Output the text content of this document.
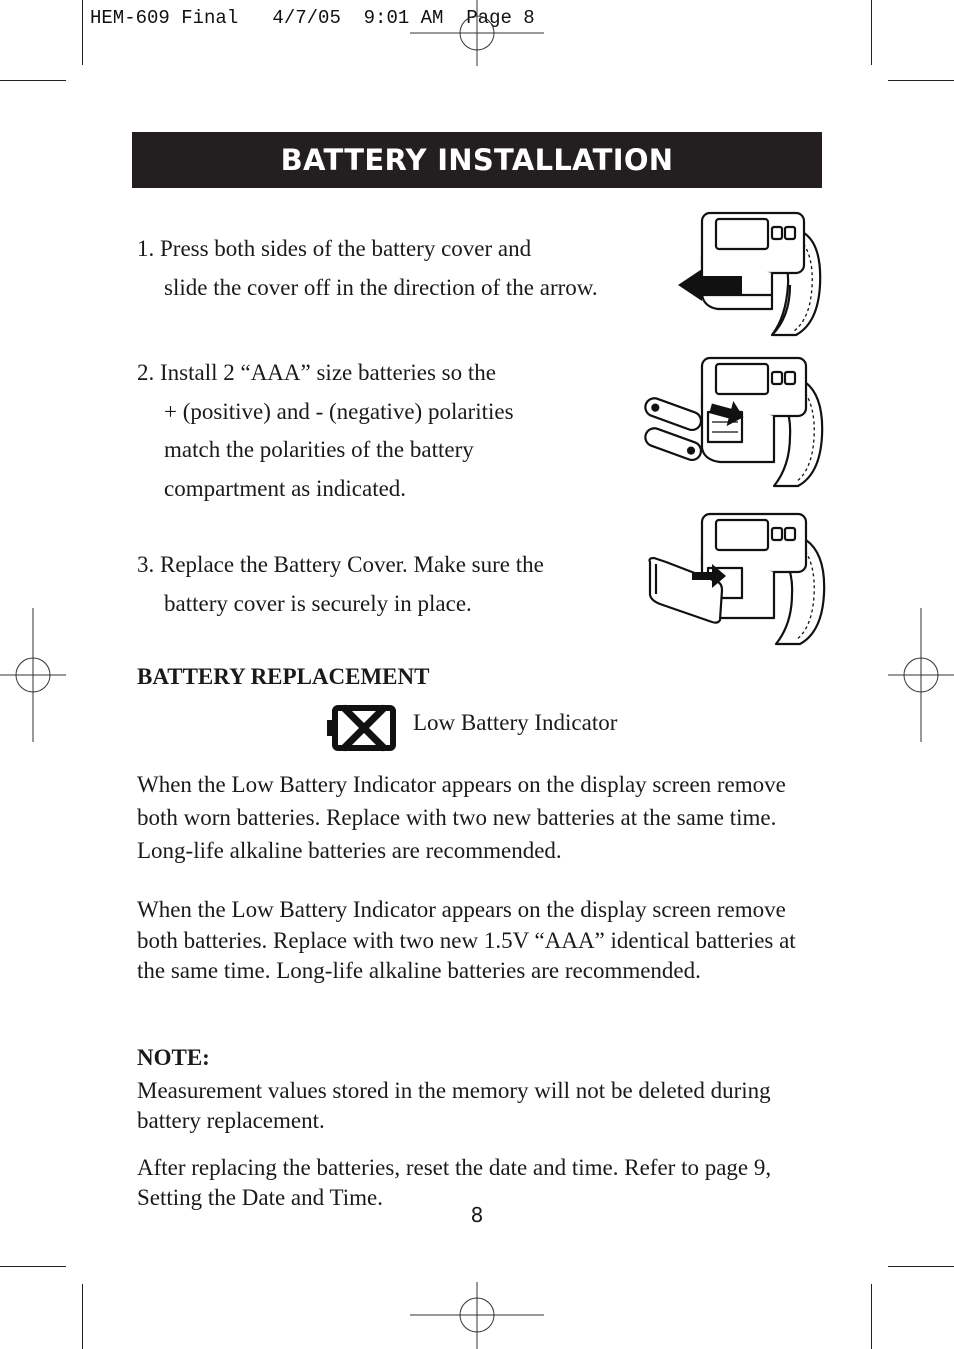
HEM-609 Final   4/7/05  9:01 AM  Page 8
BATTERY INSTALLATION
1. Press both sides of the battery cover and
slide the cover off in the direction of the arrow.
2. Install 2 “AAA” size batteries so the
+ (positive) and - (negative) polarities
match the polarities of the battery
compartment as indicated.
3. Replace the Battery Cover. Make sure the
battery cover is securely in place.
BATTERY REPLACEMENT
Low Battery Indicator
When the Low Battery Indicator appears on the display screen remove both worn batteries. Replace with two new batteries at the same time. Long-life alkaline batteries are recommended.
When the Low Battery Indicator appears on the display screen remove both batteries. Replace with two new 1.5V “AAA” identical batteries at the same time. Long-life alkaline batteries are recommended.
NOTE:
Measurement values stored in the memory will not be deleted during battery replacement.
After replacing the batteries, reset the date and time. Refer to page 9, Setting the Date and Time.
8
